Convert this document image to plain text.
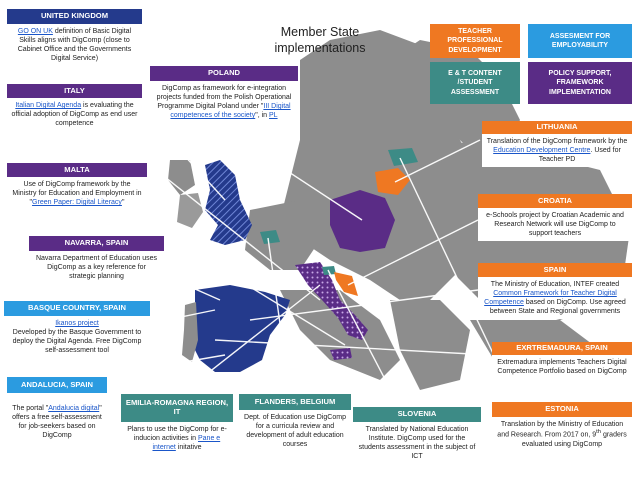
Member State implementations
TEACHER PROFESSIONAL DEVELOPMENT
ASSESMENT FOR EMPLOYABILITY
E & T CONTENT /STUDENT ASSESSMENT
POLICY SUPPORT, FRAMEWORK IMPLEMENTATION
UNITED KINGDOM
GO ON UK definition of Basic Digital Skills aligns with DigComp (close to Cabinet Office and the Governments Digital Service)
ITALY
Italian Digital Agenda is evaluating the official adoption of DigComp as end user competence
POLAND
DigComp as framework for e-integration projects funded from the Polish Operational Programme Digital Poland under "III Digital competences of the society", in PL
MALTA
Use of DigComp framework by the Ministry for Education and Employment in "Green Paper: Digital Literacy"
NAVARRA, SPAIN
Navarra Department of Education uses DigComp as a key reference for strategic planning
BASQUE COUNTRY, SPAIN
Ikanos project
Developed by the Basque Government to deploy the Digital Agenda. Free DigComp self-assessment tool
ANDALUCIA, SPAIN
The portal "Andalucia digital" offers a free self-assessment for job-seekers based on DigComp
EMILIA-ROMAGNA REGION, IT
Plans to use the DigComp for e-inducion activities in Pane e internet initative
FLANDERS, BELGIUM
Dept. of Education use DigComp for a curricula review and development of adult education courses
SLOVENIA
Translated by National Education Institute. DigComp used for the students assessment in the subject of ICT
LITHUANIA
Translation of the DigComp framework by the Education Development Centre. Used for Teacher PD
CROATIA
e-Schools project by Croatian Academic and Research Network will use DigComp to support teachers
SPAIN
The Ministry of Education, INTEF created Common Framework for Teacher Digital Competence based on DigComp. Use agreed between State and Regional governments
EXRTREMADURA, SPAIN
Extremadura implements Teachers Digital Competence Portfolio based on DigComp
ESTONIA
Translation by the Ministry of Education and Research. From 2017 on, 9th graders evaluated using DigComp
